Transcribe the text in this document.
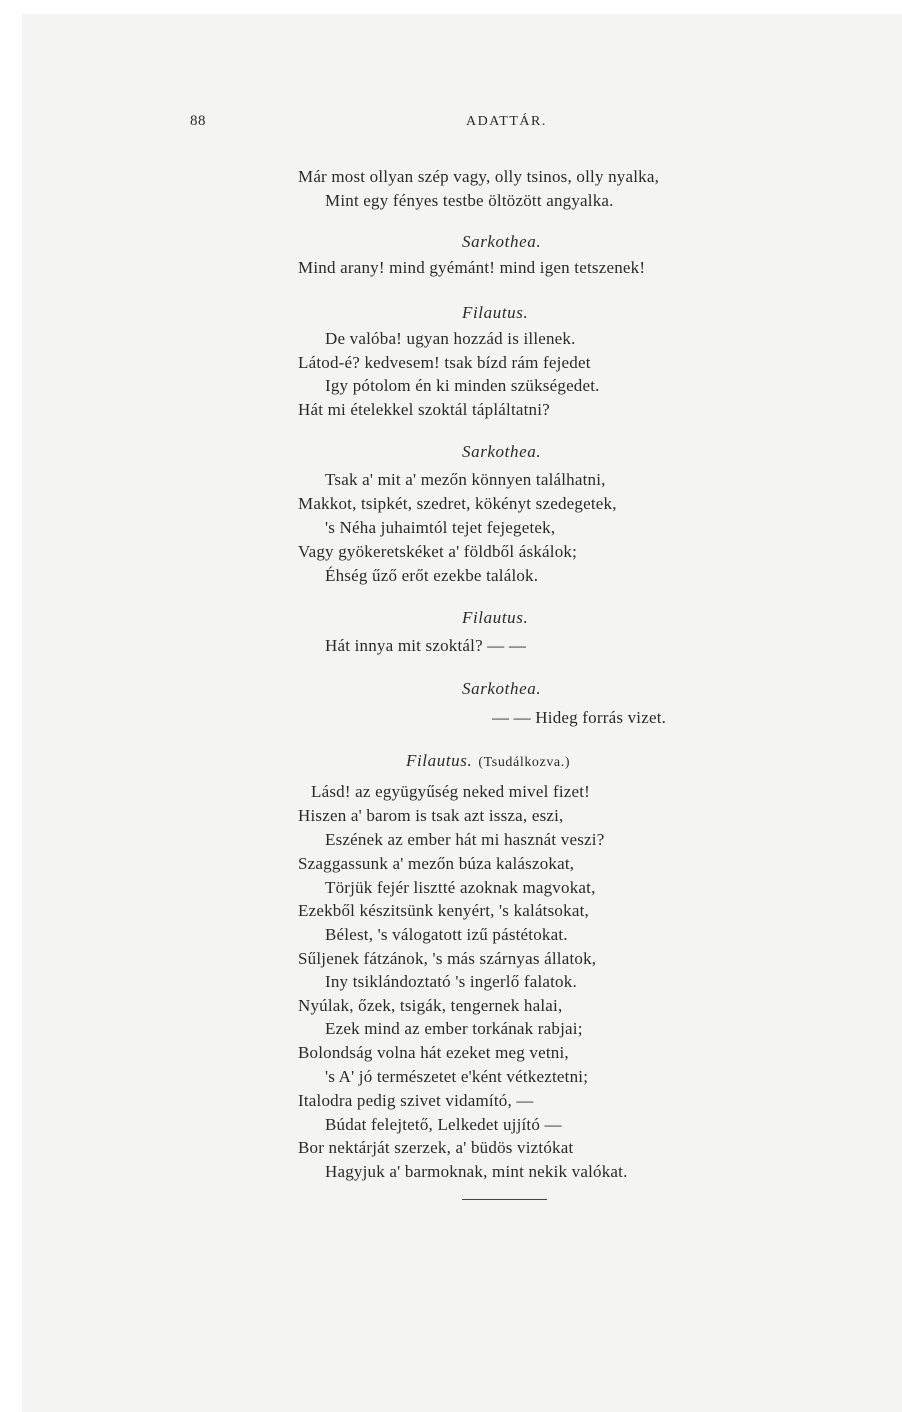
88	ADATTÁR.
Már most ollyan szép vagy, olly tsinos, olly nyalka,
Mint egy fényes testbe öltözött angyalka.
Sarkothea.
Mind arany! mind gyémánt! mind igen tetszenek!
Filautus.
De valóba! ugyan hozzád is illenek.
Látod-é? kedvesem! tsak bízd rám fejedet
Igy pótolom én ki minden szükségedet.
Hát mi ételekkel szoktál tápláltatni?
Sarkothea.
Tsak a' mit a' mezőn könnyen találhatni,
Makkot, tsipkét, szedret, kökényt szedegetek,
's Néha juhaimtól tejet fejegetek,
Vagy gyökeretskéket a' földből áskálok;
Éhség űző erőt ezekbe találok.
Filautus.
Hát innya mit szoktál? — —
Sarkothea.
— — Hideg forrás vizet.
Filautus. (Tsudálkozva.)
Lásd! az együgyűség neked mivel fizet!
Hiszen a' barom is tsak azt issza, eszi,
Eszének az ember hát mi hasznát veszi?
Szaggassunk a' mezőn búza kalászokat,
Törjük fejér lisztté azoknak magvokat,
Ezekből készitsünk kenyért, 's kalátsokat,
Bélest, 's válogatott izű pástétokat.
Sűljenek fátzánok, 's más szárnyas állatok,
Iny tsiklándoztató 's ingerlő falatok.
Nyúlak, őzek, tsigák, tengernek halai,
Ezek mind az ember torkának rabjai;
Bolondság volna hát ezeket meg vetni,
's A' jó természetet e'ként vétkeztetni;
Italodra pedig szivet vidamító, —
Búdat felejtető, Lelkedet ujjító —
Bor nektárját szerzek, a' büdös viztókat
Hagyjuk a' barmoknak, mint nekik valókat.
